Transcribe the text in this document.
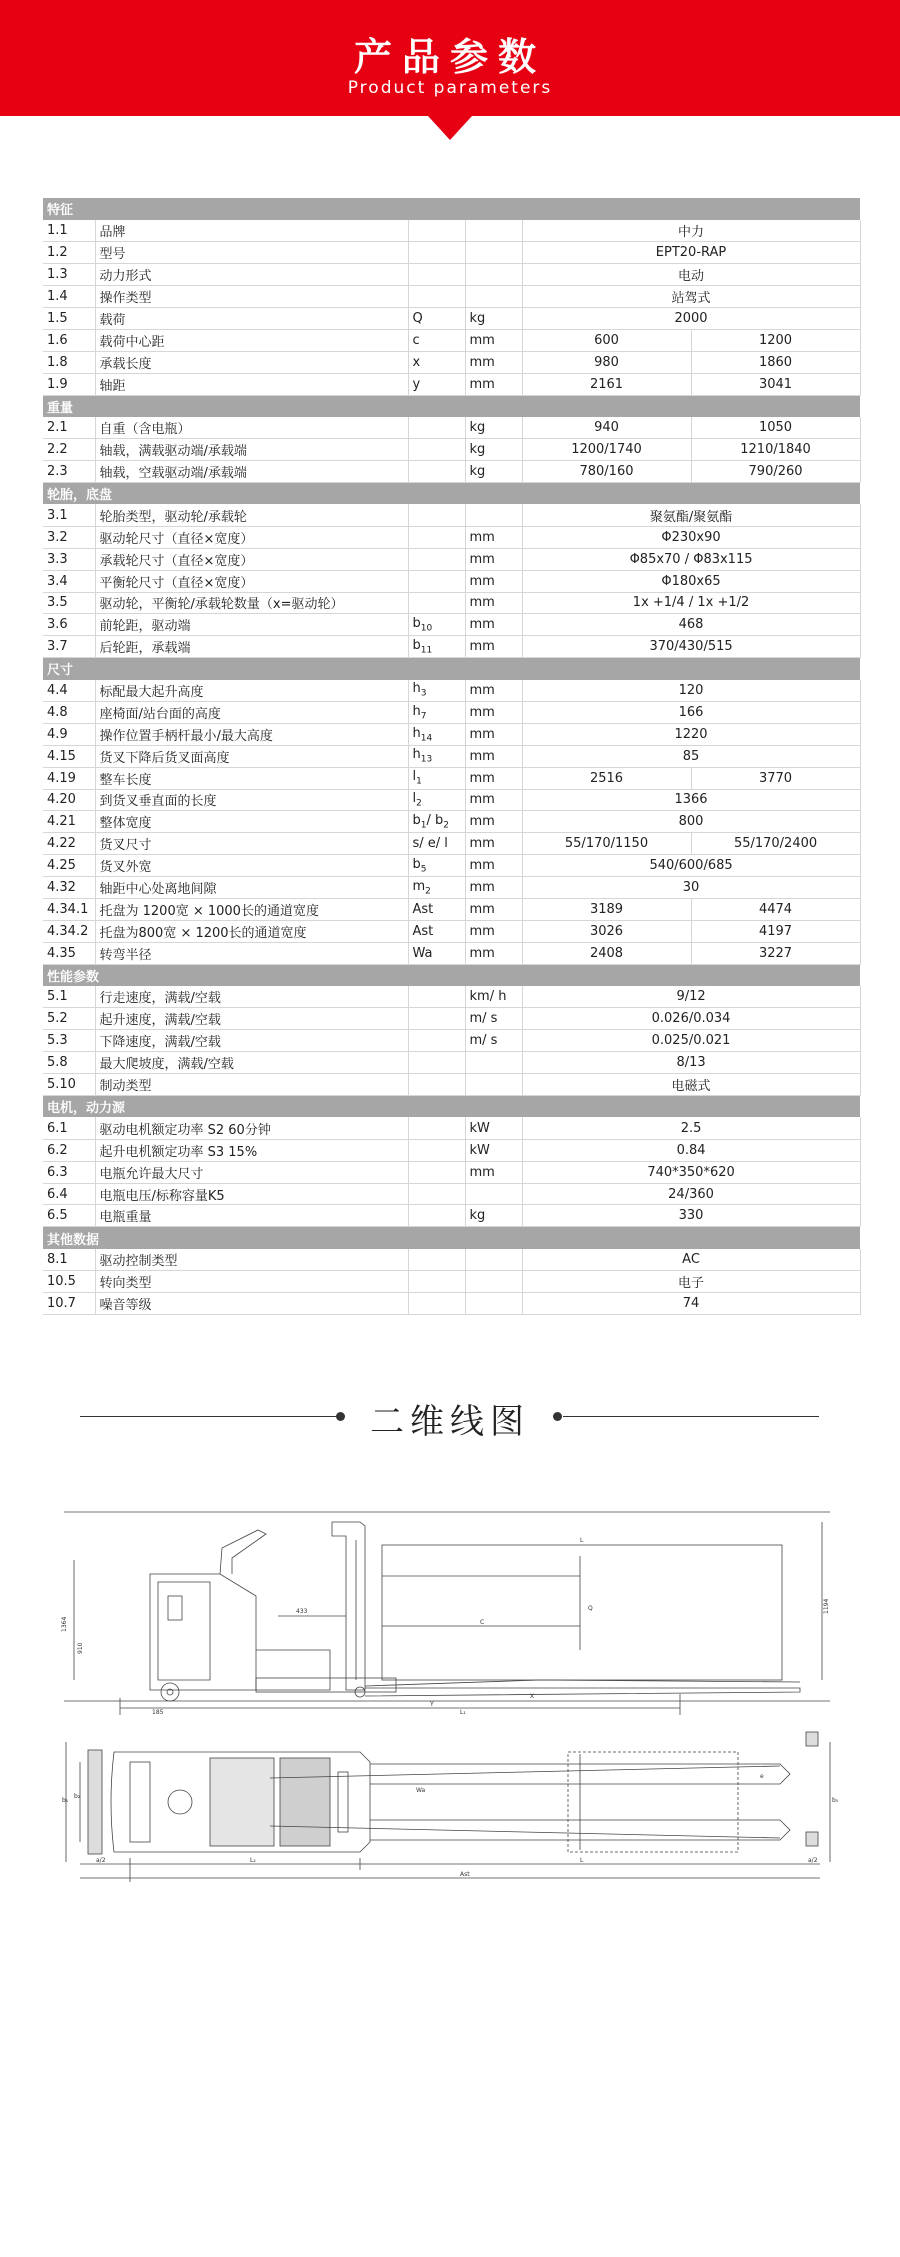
产品参数
Product parameters
特征					
1.1	品牌			中力	
1.2	型号			EPT20-RAP	
1.3	动力形式			电动	
1.4	操作类型			站驾式	
1.5	载荷	Q	kg	2000	
1.6	载荷中心距	c	mm	600	1200
1.8	承载长度	x	mm	980	1860
1.9	轴距	y	mm	2161	3041
重量					
2.1	自重（含电瓶）		kg	940	1050
2.2	轴载，满载驱动端/承载端		kg	1200/1740	1210/1840
2.3	轴载，空载驱动端/承载端		kg	780/160	790/260
轮胎，底盘					
3.1	轮胎类型，驱动轮/承载轮			聚氨酯/聚氨酯	
3.2	驱动轮尺寸（直径×宽度）		mm	Φ230x90	
3.3	承载轮尺寸（直径×宽度）		mm	Φ85x70 / Φ83x115	
3.4	平衡轮尺寸（直径×宽度）		mm	Φ180x65	
3.5	驱动轮，平衡轮/承载轮数量（x=驱动轮）		mm	1x +1/4 / 1x +1/2	
3.6	前轮距，驱动端	$b_{10}$	mm	468	
3.7	后轮距，承载端	$b_{11}$	mm	370/430/515	
尺寸					
4.4	标配最大起升高度	$h_3$	mm	120	
4.8	座椅面/站台面的高度	$h_7$	mm	166	
4.9	操作位置手柄杆最小/最大高度	$h_{14}$	mm	1220	
4.15	货叉下降后货叉面高度	$h_{13}$	mm	85	
4.19	整车长度	$l_1$	mm	2516	3770
4.20	到货叉垂直面的长度	$l_2$	mm	1366	
4.21	整体宽度	$b_1/$ $b_2$	mm	800	
4.22	货叉尺寸	s/ e/ l	mm	55/170/1150	55/170/2400
4.25	货叉外宽	$b_5$	mm	540/600/685	
4.32	轴距中心处离地间隙	$m_2$	mm	30	
4.34.1	托盘为 1200宽 × 1000长的通道宽度	Ast	mm	3189	4474
4.34.2	托盘为800宽 × 1200长的通道宽度	Ast	mm	3026	4197
4.35	转弯半径	Wa	mm	2408	3227
性能参数					
5.1	行走速度，满载/空载		km/ h	9/12	
5.2	起升速度，满载/空载		m/ s	0.026/0.034	
5.3	下降速度，满载/空载		m/ s	0.025/0.021	
5.8	最大爬坡度，满载/空载			8/13	
5.10	制动类型			电磁式	
电机，动力源					
6.1	驱动电机额定功率 S2 60分钟		kW	2.5	
6.2	起升电机额定功率 S3 15%		kW	0.84	
6.3	电瓶允许最大尺寸		mm	740*350*620	
6.4	电瓶电压/标称容量K5			24/360	
6.5	电瓶重量		kg	330	
其他数据					
8.1	驱动控制类型			AC	
10.5	转向类型			电子	
10.7	噪音等级			74	
二维线图
1364
910
433
L
Q
C
1194
185
Y
X
L₁
Wa
b₁
b₂
b₅
e
a/2	L₂	L	a/2
Ast
